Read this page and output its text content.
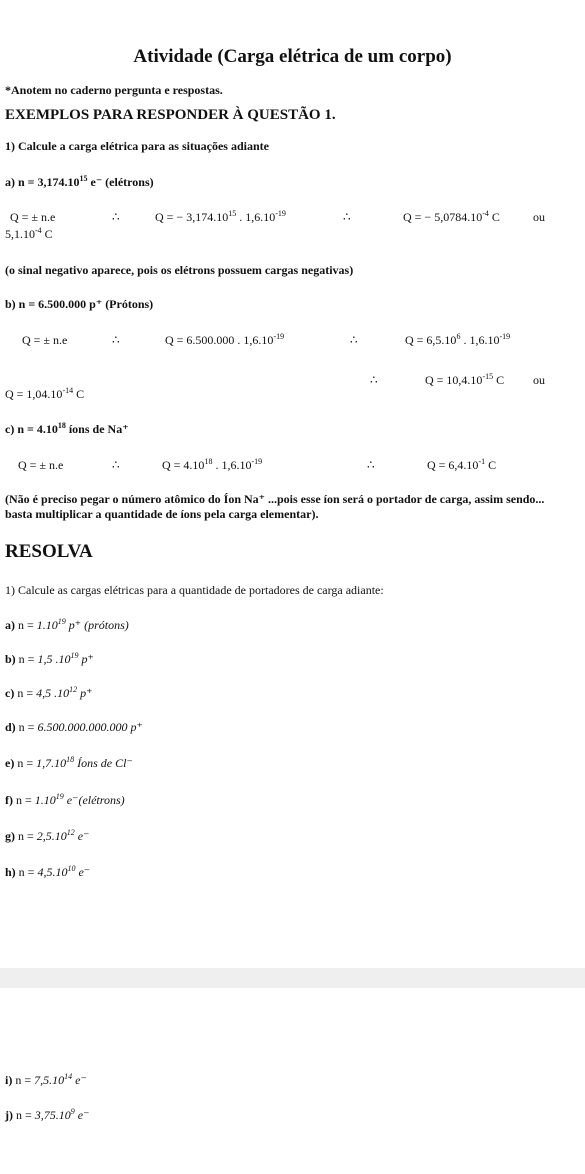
Atividade (Carga elétrica de um corpo)
*Anotem no caderno pergunta e respostas.
EXEMPLOS PARA RESPONDER À QUESTÃO 1.
1) Calcule a carga elétrica para as situações adiante
a) $n = 3,174.10^{15}$ e⁻ (elétrons)
Q = ± n.e	∴	Q = − $3,174.10^{15}$ . $1,6.10^{-19}$	∴	Q = − $5,0784.10^{-4}$ C	ou
$5,1.10^{-4}$ C
(o sinal negativo aparece, pois os elétrons possuem cargas negativas)
b) n = 6.500.000 p⁺ (Prótons)
Q = ± n.e	∴	Q = 6.500.000 . $1,6.10^{-19}$	∴	$Q = 6,5.10^6$ . $1,6.10^{-19}$
∴	$Q = 10,4.10^{-15}$ C ou
$Q = 1,04.10^{-14}$ C
c) $n = 4.10^{18}$ íons de Na⁺
Q = ± n.e	∴	$Q = 4.10^{18}$ . $1,6.10^{-19}$	∴	$Q = 6,4.10^{-1}$ C
(Não é preciso pegar o número atômico do Íon Na⁺ ...pois esse íon será o portador de carga, assim sendo... basta multiplicar a quantidade de íons pela carga elementar).
RESOLVA
1) Calcule as cargas elétricas para a quantidade de portadores de carga adiante:
a) $n = 1.10^{19}$ p⁺ (prótons)
b) n = 1,5 $.10^{19}$ p⁺
c) n = 4,5 $.10^{12}$ p⁺
d) n = 6.500.000.000.000 p⁺
e) $n = 1,7.10^{18}$ Íons de Cl⁻
f) $n = 1.10^{19}$ e⁻(elétrons)
g) $n = 2,5.10^{12}$ e⁻
h) $n = 4,5.10^{10}$ e⁻
i) $n = 7,5.10^{14}$ e⁻
j) $n = 3,75.10^9$ e⁻
